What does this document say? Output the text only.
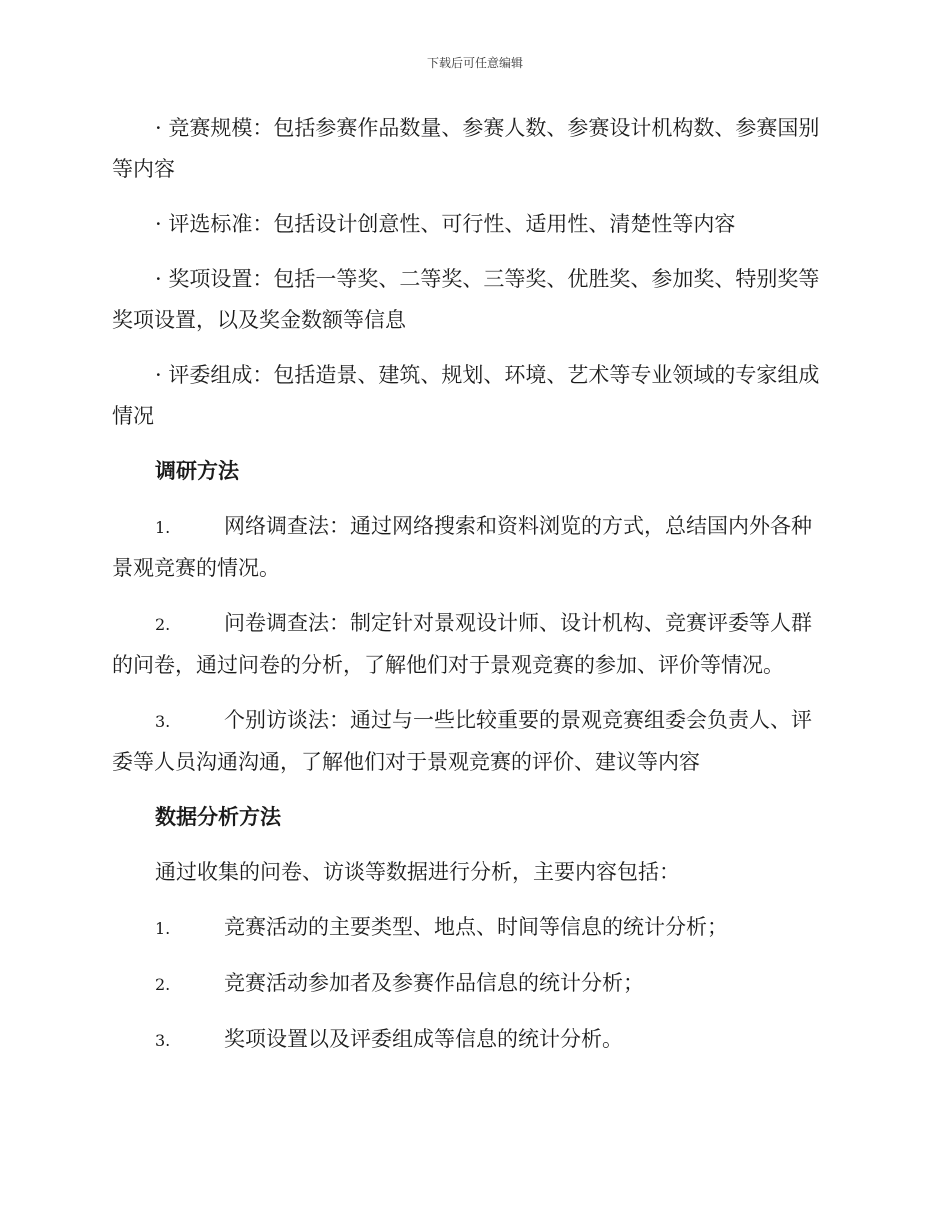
下载后可任意编辑

· 竞赛规模：包括参赛作品数量、参赛人数、参赛设计机构数、参赛国别等内容

· 评选标准：包括设计创意性、可行性、适用性、清楚性等内容

· 奖项设置：包括一等奖、二等奖、三等奖、优胜奖、参加奖、特别奖等奖项设置，以及奖金数额等信息

· 评委组成：包括造景、建筑、规划、环境、艺术等专业领域的专家组成情况

调研方法

1.	网络调查法：通过网络搜索和资料浏览的方式，总结国内外各种景观竞赛的情况。

2.	问卷调查法：制定针对景观设计师、设计机构、竞赛评委等人群的问卷，通过问卷的分析，了解他们对于景观竞赛的参加、评价等情况。

3.	个别访谈法：通过与一些比较重要的景观竞赛组委会负责人、评委等人员沟通沟通，了解他们对于景观竞赛的评价、建议等内容

数据分析方法

通过收集的问卷、访谈等数据进行分析，主要内容包括：

1.	竞赛活动的主要类型、地点、时间等信息的统计分析；

2.	竞赛活动参加者及参赛作品信息的统计分析；

3.	奖项设置以及评委组成等信息的统计分析。
